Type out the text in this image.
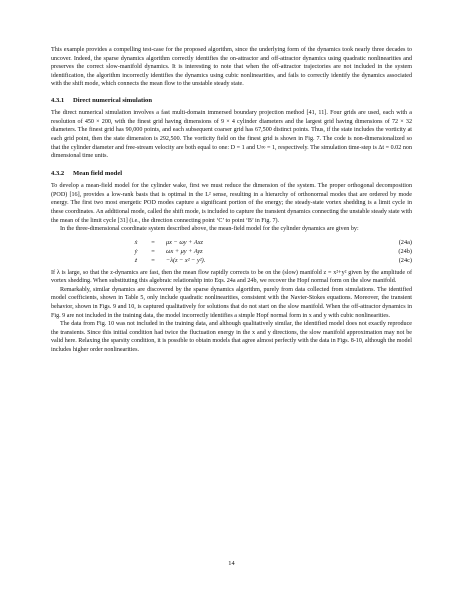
This example provides a compelling test-case for the proposed algorithm, since the underlying form of the dynamics took nearly three decades to uncover. Indeed, the sparse dynamics algorithm correctly identifies the on-attractor and off-attractor dynamics using quadratic nonlinearities and preserves the correct slow-manifold dynamics. It is interesting to note that when the off-attractor trajectories are not included in the system identification, the algorithm incorrectly identifies the dynamics using cubic nonlinearities, and fails to correctly identify the dynamics associated with the shift mode, which connects the mean flow to the unstable steady state.

4.3.1 Direct numerical simulation

The direct numerical simulation involves a fast multi-domain immersed boundary projection method [41, 11]. Four grids are used, each with a resolution of 450 × 200, with the finest grid having dimensions of 9 × 4 cylinder diameters and the largest grid having dimensions of 72 × 32 diameters. The finest grid has 90,000 points, and each subsequent coarser grid has 67,500 distinct points. Thus, if the state includes the vorticity at each grid point, then the state dimension is 292,500. The vorticity field on the finest grid is shown in Fig. 7. The code is non-dimensionalized so that the cylinder diameter and free-stream velocity are both equal to one: D = 1 and U∞ = 1, respectively. The simulation time-step is Δt = 0.02 non dimensional time units.

4.3.2 Mean field model

To develop a mean-field model for the cylinder wake, first we must reduce the dimension of the system. The proper orthogonal decomposition (POD) [16], provides a low-rank basis that is optimal in the L² sense, resulting in a hierarchy of orthonormal modes that are ordered by mode energy. The first two most energetic POD modes capture a significant portion of the energy; the steady-state vortex shedding is a limit cycle in these coordinates. An additional mode, called the shift mode, is included to capture the transient dynamics connecting the unstable steady state with the mean of the limit cycle [31] (i.e., the direction connecting point ‘C’ to point ‘B’ in Fig. 7).

In the three-dimensional coordinate system described above, the mean-field model for the cylinder dynamics are given by:

ẋ	=	μx − ωy + Axz	(24a)
ẏ	=	ωx + μy + Ayz	(24b)
ż	=	−λ(z − x² − y²).	(24c)

If λ is large, so that the z-dynamics are fast, then the mean flow rapidly corrects to be on the (slow) manifold z = x²+y² given by the amplitude of vortex shedding. When substituting this algebraic relationship into Eqs. 24a and 24b, we recover the Hopf normal form on the slow manifold.

Remarkably, similar dynamics are discovered by the sparse dynamics algorithm, purely from data collected from simulations. The identified model coefficients, shown in Table 5, only include quadratic nonlinearities, consistent with the Navier-Stokes equations. Moreover, the transient behavior, shown in Figs. 9 and 10, is captured qualitatively for solutions that do not start on the slow manifold. When the off-attractor dynamics in Fig. 9 are not included in the training data, the model incorrectly identifies a simple Hopf normal form in x and y with cubic nonlinearities.

The data from Fig. 10 was not included in the training data, and although qualitatively similar, the identified model does not exactly reproduce the transients. Since this initial condition had twice the fluctuation energy in the x and y directions, the slow manifold approximation may not be valid here. Relaxing the sparsity condition, it is possible to obtain models that agree almost perfectly with the data in Figs. 8-10, although the model includes higher order nonlinearities.

14
